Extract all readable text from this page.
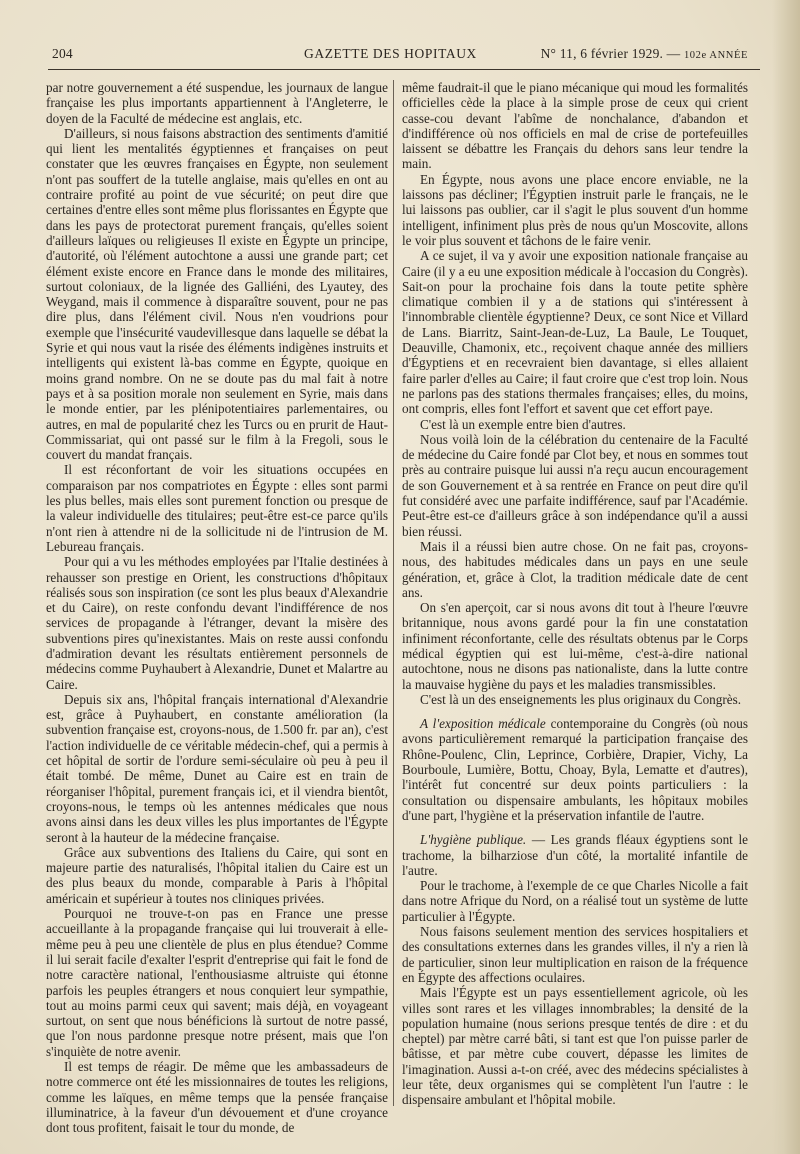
204	GAZETTE DES HOPITAUX	N° 11, 6 février 1929. — 102e ANNÉE

par notre gouvernement a été suspendue, les journaux de langue française les plus importants appartiennent à l'Angleterre, le doyen de la Faculté de médecine est anglais, etc.

D'ailleurs, si nous faisons abstraction des sentiments d'amitié qui lient les mentalités égyptiennes et françaises on peut constater que les œuvres françaises en Égypte, non seulement n'ont pas souffert de la tutelle anglaise, mais qu'elles en ont au contraire profité au point de vue sécurité; on peut dire que certaines d'entre elles sont même plus florissantes en Égypte que dans les pays de protectorat purement français, qu'elles soient d'ailleurs laïques ou religieuses Il existe en Égypte un principe, d'autorité, où l'élément autochtone a aussi une grande part; cet élément existe encore en France dans le monde des militaires, surtout coloniaux, de la lignée des Galliéni, des Lyautey, des Weygand, mais il commence à disparaître souvent, pour ne pas dire plus, dans l'élément civil. Nous n'en voudrions pour exemple que l'insécurité vaudevillesque dans laquelle se débat la Syrie et qui nous vaut la risée des éléments indigènes instruits et intelligents qui existent là-bas comme en Égypte, quoique en moins grand nombre. On ne se doute pas du mal fait à notre pays et à sa position morale non seulement en Syrie, mais dans le monde entier, par les plénipotentiaires parlementaires, ou autres, en mal de popularité chez les Turcs ou en prurit de Haut-Commissariat, qui ont passé sur le film à la Fregoli, sous le couvert du mandat français.

Il est réconfortant de voir les situations occupées en comparaison par nos compatriotes en Égypte : elles sont parmi les plus belles, mais elles sont purement fonction ou presque de la valeur individuelle des titulaires; peut-être est-ce parce qu'ils n'ont rien à attendre ni de la sollicitude ni de l'intrusion de M. Lebureau français.

Pour qui a vu les méthodes employées par l'Italie destinées à rehausser son prestige en Orient, les constructions d'hôpitaux réalisés sous son inspiration (ce sont les plus beaux d'Alexandrie et du Caire), on reste confondu devant l'indifférence de nos services de propagande à l'étranger, devant la misère des subventions pires qu'inexistantes. Mais on reste aussi confondu d'admiration devant les résultats entièrement personnels de médecins comme Puyhaubert à Alexandrie, Dunet et Malartre au Caire.

Depuis six ans, l'hôpital français international d'Alexandrie est, grâce à Puyhaubert, en constante amélioration (la subvention française est, croyons-nous, de 1.500 fr. par an), c'est l'action individuelle de ce véritable médecin-chef, qui a permis à cet hôpital de sortir de l'ordure semi-séculaire où peu à peu il était tombé. De même, Dunet au Caire est en train de réorganiser l'hôpital, purement français ici, et il viendra bientôt, croyons-nous, le temps où les antennes médicales que nous avons ainsi dans les deux villes les plus importantes de l'Égypte seront à la hauteur de la médecine française.

Grâce aux subventions des Italiens du Caire, qui sont en majeure partie des naturalisés, l'hôpital italien du Caire est un des plus beaux du monde, comparable à Paris à l'hôpital américain et supérieur à toutes nos cliniques privées.

Pourquoi ne trouve-t-on pas en France une presse accueillante à la propagande française qui lui trouverait à elle-même peu à peu une clientèle de plus en plus étendue? Comme il lui serait facile d'exalter l'esprit d'entreprise qui fait le fond de notre caractère national, l'enthousiasme altruiste qui étonne parfois les peuples étrangers et nous conquiert leur sympathie, tout au moins parmi ceux qui savent; mais déjà, en voyageant surtout, on sent que nous bénéficions là surtout de notre passé, que l'on nous pardonne presque notre présent, mais que l'on s'inquiète de notre avenir.

Il est temps de réagir. De même que les ambassadeurs de notre commerce ont été les missionnaires de toutes les religions, comme les laïques, en même temps que la pensée française illuminatrice, à la faveur d'un dévouement et d'une croyance dont tous profitent, faisait le tour du monde, de

même faudrait-il que le piano mécanique qui moud les formalités officielles cède la place à la simple prose de ceux qui crient casse-cou devant l'abîme de nonchalance, d'abandon et d'indifférence où nos officiels en mal de crise de portefeuilles laissent se débattre les Français du dehors sans leur tendre la main.

En Égypte, nous avons une place encore enviable, ne la laissons pas décliner; l'Égyptien instruit parle le français, ne le lui laissons pas oublier, car il s'agit le plus souvent d'un homme intelligent, infiniment plus près de nous qu'un Moscovite, allons le voir plus souvent et tâchons de le faire venir.

A ce sujet, il va y avoir une exposition nationale française au Caire (il y a eu une exposition médicale à l'occasion du Congrès). Sait-on pour la prochaine fois dans la toute petite sphère climatique combien il y a de stations qui s'intéressent à l'innombrable clientèle égyptienne? Deux, ce sont Nice et Villard de Lans. Biarritz, Saint-Jean-de-Luz, La Baule, Le Touquet, Deauville, Chamonix, etc., reçoivent chaque année des milliers d'Égyptiens et en recevraient bien davantage, si elles allaient faire parler d'elles au Caire; il faut croire que c'est trop loin. Nous ne parlons pas des stations thermales françaises; elles, du moins, ont compris, elles font l'effort et savent que cet effort paye.

C'est là un exemple entre bien d'autres.

Nous voilà loin de la célébration du centenaire de la Faculté de médecine du Caire fondé par Clot bey, et nous en sommes tout près au contraire puisque lui aussi n'a reçu aucun encouragement de son Gouvernement et à sa rentrée en France on peut dire qu'il fut considéré avec une parfaite indifférence, sauf par l'Académie. Peut-être est-ce d'ailleurs grâce à son indépendance qu'il a aussi bien réussi.

Mais il a réussi bien autre chose. On ne fait pas, croyons-nous, des habitudes médicales dans un pays en une seule génération, et, grâce à Clot, la tradition médicale date de cent ans.

On s'en aperçoit, car si nous avons dit tout à l'heure l'œuvre britannique, nous avons gardé pour la fin une constatation infiniment réconfortante, celle des résultats obtenus par le Corps médical égyptien qui est lui-même, c'est-à-dire national autochtone, nous ne disons pas nationaliste, dans la lutte contre la mauvaise hygiène du pays et les maladies transmissibles.

C'est là un des enseignements les plus originaux du Congrès.

A l'exposition médicale contemporaine du Congrès (où nous avons particulièrement remarqué la participation française des Rhône-Poulenc, Clin, Leprince, Corbière, Drapier, Vichy, La Bourboule, Lumière, Bottu, Choay, Byla, Lematte et d'autres), l'intérêt fut concentré sur deux points particuliers : la consultation ou dispensaire ambulants, les hôpitaux mobiles d'une part, l'hygiène et la préservation infantile de l'autre.

L'hygiène publique. — Les grands fléaux égyptiens sont le trachome, la bilharziose d'un côté, la mortalité infantile de l'autre.

Pour le trachome, à l'exemple de ce que Charles Nicolle a fait dans notre Afrique du Nord, on a réalisé tout un système de lutte particulier à l'Égypte.

Nous faisons seulement mention des services hospitaliers et des consultations externes dans les grandes villes, il n'y a rien là de particulier, sinon leur multiplication en raison de la fréquence en Égypte des affections oculaires.

Mais l'Égypte est un pays essentiellement agricole, où les villes sont rares et les villages innombrables; la densité de la population humaine (nous serions presque tentés de dire : et du cheptel) par mètre carré bâti, si tant est que l'on puisse parler de bâtisse, et par mètre cube couvert, dépasse les limites de l'imagination. Aussi a-t-on créé, avec des médecins spécialistes à leur tête, deux organismes qui se complètent l'un l'autre : le dispensaire ambulant et l'hôpital mobile.
